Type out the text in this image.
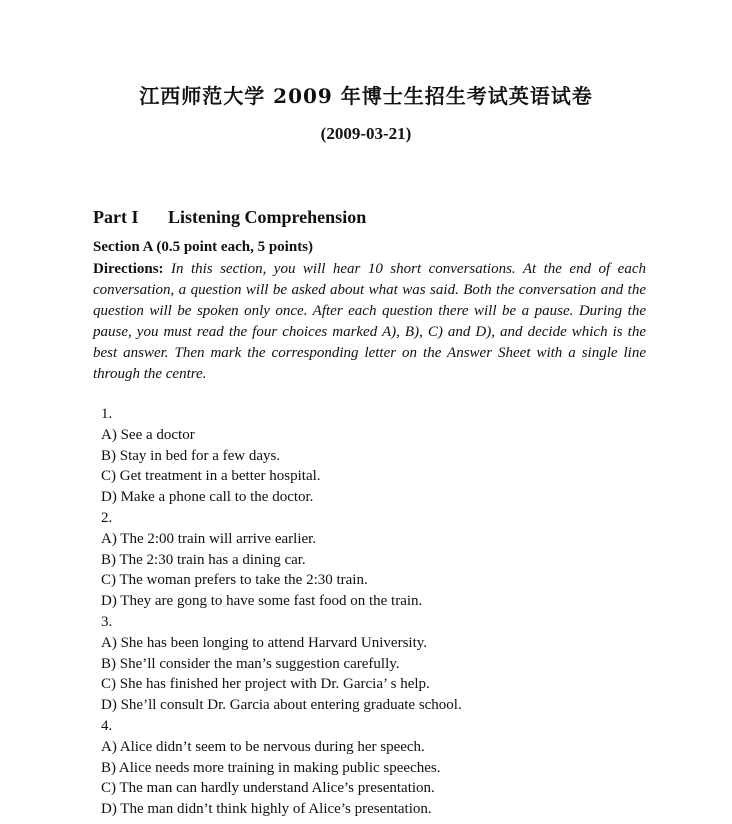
江西师范大学 2009 年博士生招生考试英语试卷
(2009-03-21)
Part I Listening Comprehension
Section A (0.5 point each, 5 points)
Directions: In this section, you will hear 10 short conversations. At the end of each conversation, a question will be asked about what was said. Both the conversation and the question will be spoken only once. After each question there will be a pause. During the pause, you must read the four choices marked A), B), C) and D), and decide which is the best answer. Then mark the corresponding letter on the Answer Sheet with a single line through the centre.
1.
A) See a doctor
B) Stay in bed for a few days.
C) Get treatment in a better hospital.
D) Make a phone call to the doctor.
2.
A) The 2:00 train will arrive earlier.
B) The 2:30 train has a dining car.
C) The woman prefers to take the 2:30 train.
D) They are gong to have some fast food on the train.
3.
A) She has been longing to attend Harvard University.
B) She’ll consider the man’s suggestion carefully.
C) She has finished her project with Dr. Garcia’ s help.
D) She’ll consult Dr. Garcia about entering graduate school.
4.
A) Alice didn’t seem to be nervous during her speech.
B) Alice needs more training in making public speeches.
C) The man can hardly understand Alice’s presentation.
D) The man didn’t think highly of Alice’s presentation.
